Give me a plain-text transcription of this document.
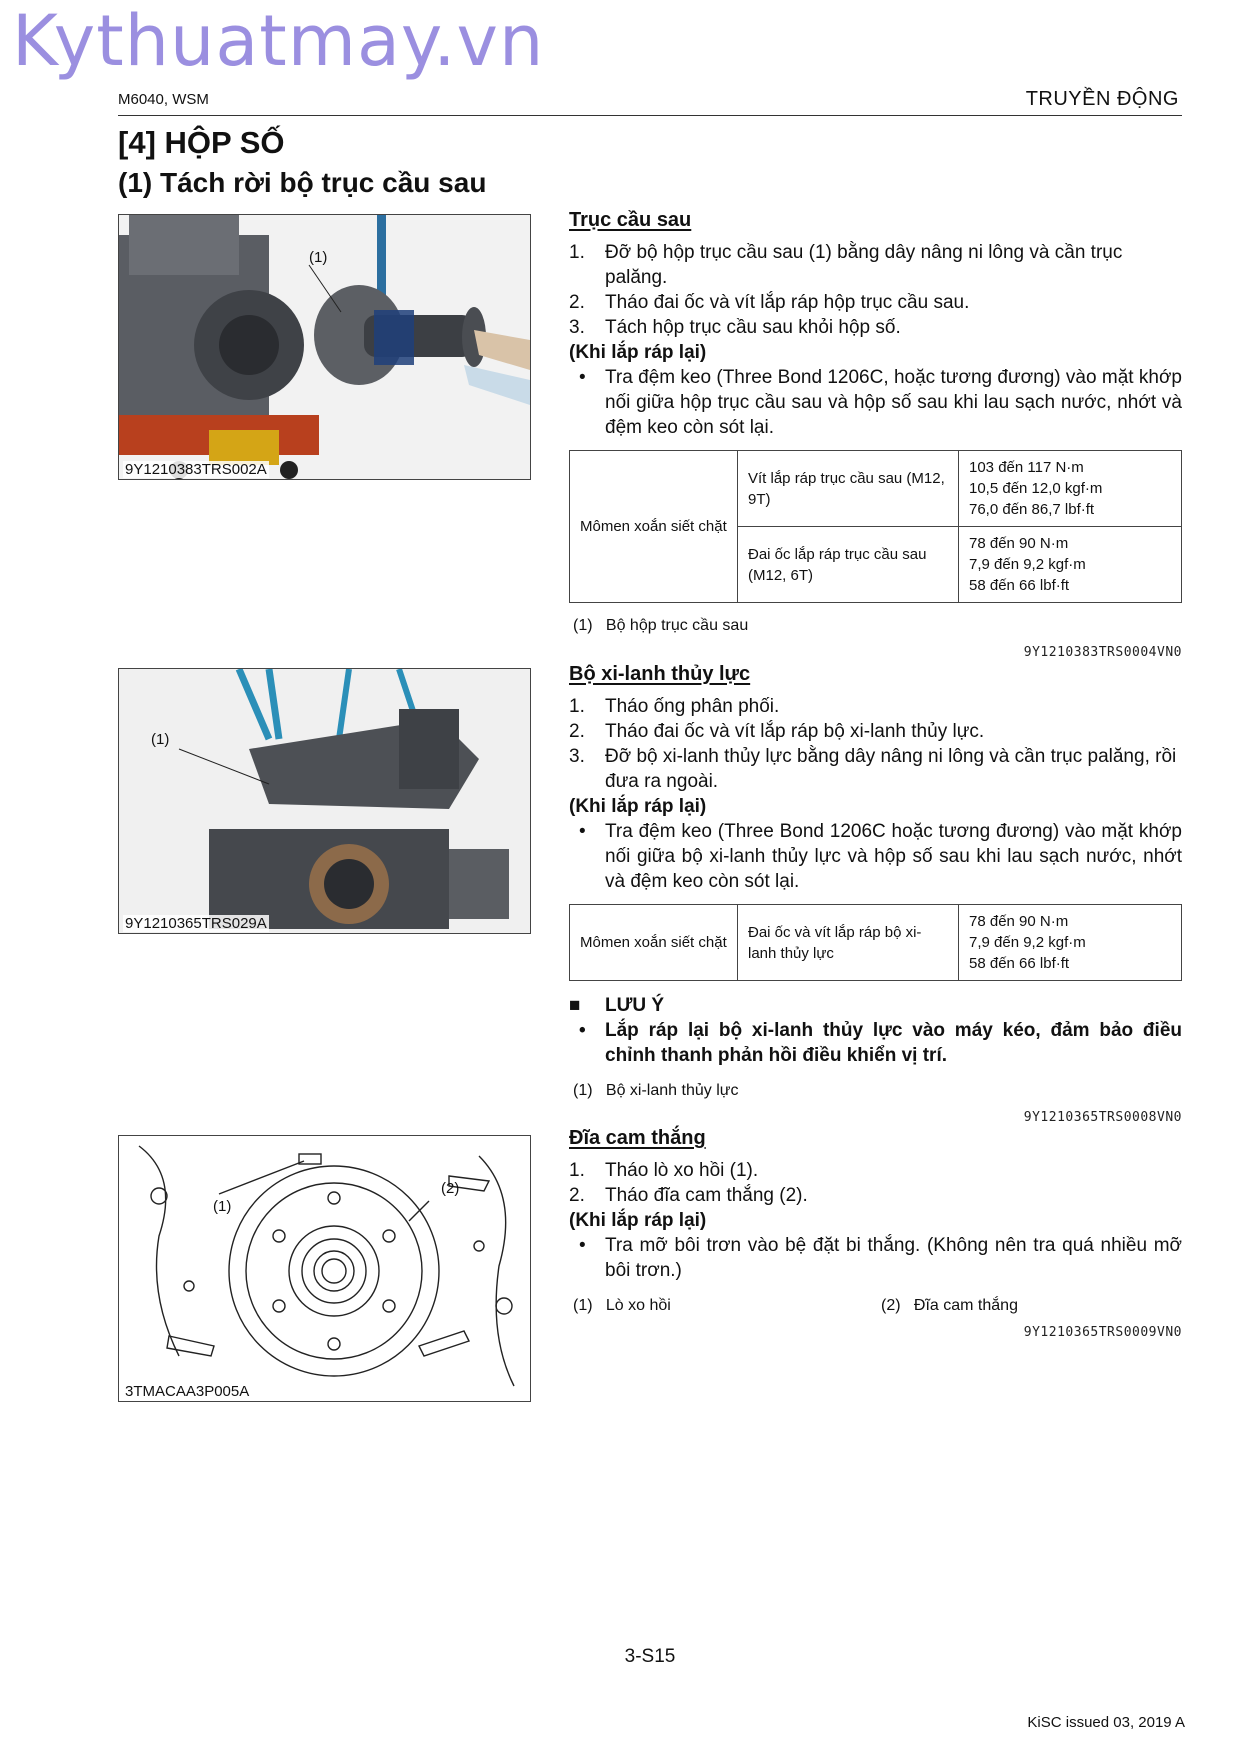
Kythuatmay.vn
M6040, WSM	TRUYỀN ĐỘNG
[4] HỘP SỐ
(1) Tách rời bộ trục cầu sau
(1)
9Y1210383TRS002A
(1)
9Y1210365TRS029A
(1)
(2)
3TMACAA3P005A
Trục cầu sau
1. Đỡ bộ hộp trục cầu sau (1) bằng dây nâng ni lông và cần trục palăng.
2. Tháo đai ốc và vít lắp ráp hộp trục cầu sau.
3. Tách hộp trục cầu sau khỏi hộp số.
(Khi lắp ráp lại)
• Tra đệm keo (Three Bond 1206C, hoặc tương đương) vào mặt khớp nối giữa hộp trục cầu sau và hộp số sau khi lau sạch nước, nhớt và đệm keo còn sót lại.
Mômen xoắn siết chặt	Vít lắp ráp trục cầu sau (M12, 9T)	103 đến 117 N·m
10,5 đến 12,0 kgf·m
76,0 đến 86,7 lbf·ft

	Đai ốc lắp ráp trục cầu sau (M12, 6T)	78 đến 90 N·m
7,9 đến 9,2 kgf·m
58 đến 66 lbf·ft
(1) Bộ hộp trục cầu sau
9Y1210383TRS0004VN0
Bộ xi-lanh thủy lực
1. Tháo ống phân phối.
2. Tháo đai ốc và vít lắp ráp bộ xi-lanh thủy lực.
3. Đỡ bộ xi-lanh thủy lực bằng dây nâng ni lông và cần trục palăng, rồi đưa ra ngoài.
(Khi lắp ráp lại)
• Tra đệm keo (Three Bond 1206C hoặc tương đương) vào mặt khớp nối giữa bộ xi-lanh thủy lực và hộp số sau khi lau sạch nước, nhớt và đệm keo còn sót lại.
Mômen xoắn siết chặt	Đai ốc và vít lắp ráp bộ xi-lanh thủy lực	
78 đến 90 N·m
7,9 đến 9,2 kgf·m
58 đến 66 lbf·ft
■ LƯU Ý
• Lắp ráp lại bộ xi-lanh thủy lực vào máy kéo, đảm bảo điều chỉnh thanh phản hồi điều khiển vị trí.
(1) Bộ xi-lanh thủy lực
9Y1210365TRS0008VN0
Đĩa cam thắng
1. Tháo lò xo hồi (1).
2. Tháo đĩa cam thắng (2).
(Khi lắp ráp lại)
• Tra mỡ bôi trơn vào bệ đặt bi thắng. (Không nên tra quá nhiều mỡ bôi trơn.)
(1) Lò xo hồi	(2) Đĩa cam thắng
9Y1210365TRS0009VN0
3-S15
KiSC issued 03, 2019 A
